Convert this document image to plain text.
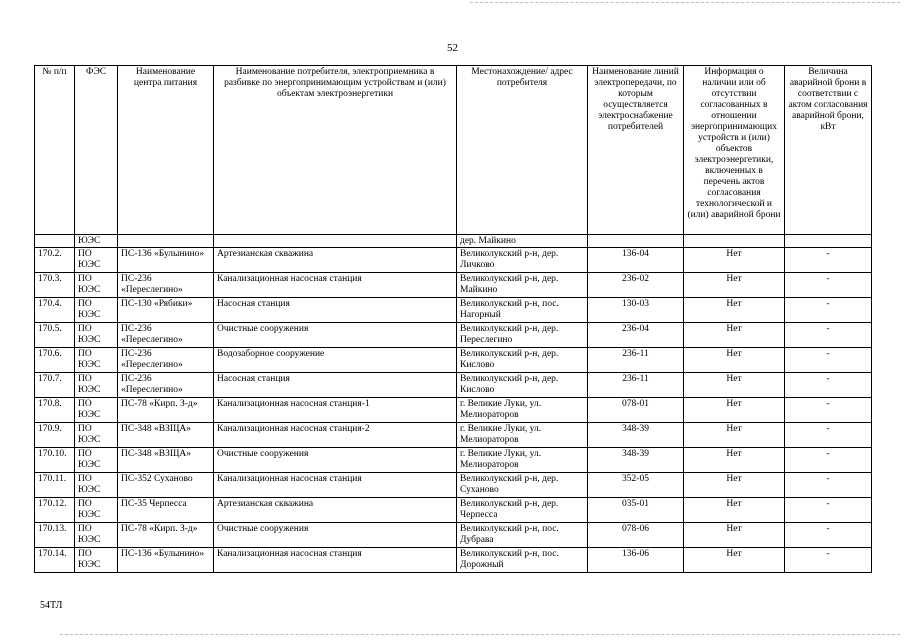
52
№ п/п	ФЭС	Наименование центра питания	Наименование потребителя, электроприемника в разбивке по энергопринимающим устройствам и (или) объектам электроэнергетики	Местонахождение/ адрес потребителя	Наименование линий электропередачи, по которым осуществляется электроснабжение потребителей	Информация о наличии или об отсутствии согласованных в отношении энергопринимающих устройств и (или) объектов электроэнергетики, включенных в перечень актов согласования технологической и (или) аварийной брони	Величина аварийной брони в соответствии с актом согласования аварийной брони, кВт
	ЮЭС			дер. Майкино			
170.2.	ПО ЮЭС	ПС-136 «Булынино»	Артезианская скважина	Великолукский р-н, дер. Личково	136-04	Нет	-
170.3.	ПО ЮЭС	ПС-236 «Переслегино»	Канализационная насосная станция	Великолукский р-н, дер. Майкино	236-02	Нет	-
170.4.	ПО ЮЭС	ПС-130 «Рябики»	Насосная станция	Великолукский р-н, пос. Нагорный	130-03	Нет	-
170.5.	ПО ЮЭС	ПС-236 «Переслегино»	Очистные сооружения	Великолукский р-н, дер. Переслегино	236-04	Нет	-
170.6.	ПО ЮЭС	ПС-236 «Переслегино»	Водозаборное сооружение	Великолукский р-н, дер. Кислово	236-11	Нет	-
170.7.	ПО ЮЭС	ПС-236 «Переслегино»	Насосная станция	Великолукский р-н, дер. Кислово	236-11	Нет	-
170.8.	ПО ЮЭС	ПС-78 «Кирп. З-д»	Канализационная насосная станция-1	г. Великие Луки, ул. Мелиораторов	078-01	Нет	-
170.9.	ПО ЮЭС	ПС-348 «ВЗЩА»	Канализационная насосная станция-2	г. Великие Луки, ул. Мелиораторов	348-39	Нет	-
170.10.	ПО ЮЭС	ПС-348 «ВЗЩА»	Очистные сооружения	г. Великие Луки, ул. Мелиораторов	348-39	Нет	-
170.11.	ПО ЮЭС	ПС-352 Суханово	Канализационная насосная станция	Великолукский р-н, дер. Суханово	352-05	Нет	-
170.12.	ПО ЮЭС	ПС-35 Черпесса	Артезианская скважина	Великолукский р-н, дер. Черпесса	035-01	Нет	-
170.13.	ПО ЮЭС	ПС-78 «Кирп. З-д»	Очистные сооружения	Великолукский р-н, пос. Дубрава	078-06	Нет	-
170.14.	ПО ЮЭС	ПС-136 «Булынино»	Канализационная насосная станция	Великолукский р-н, пос. Дорожный	136-06	Нет	-
54ТЛ
